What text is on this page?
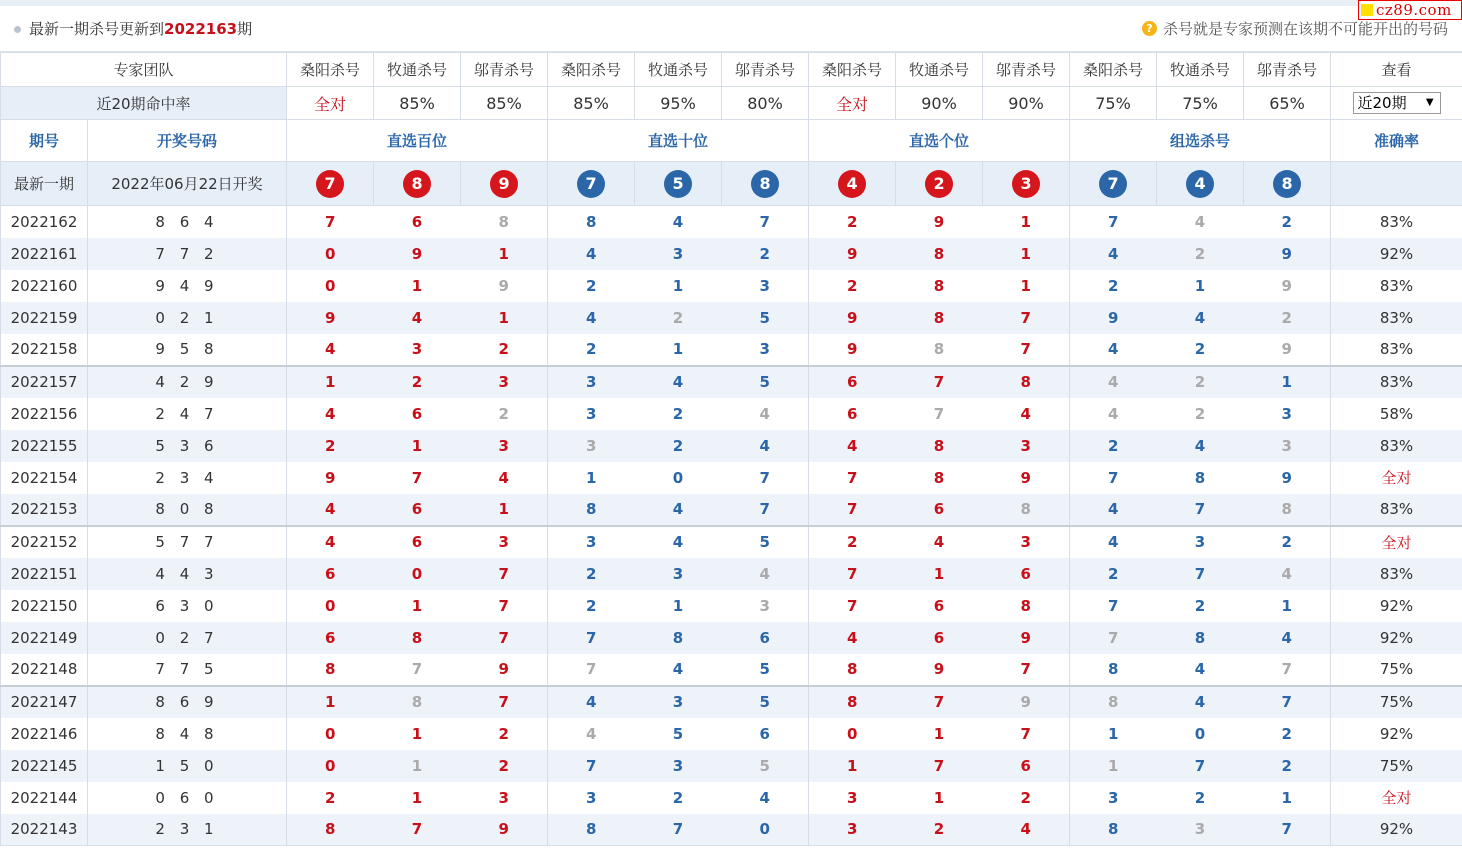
最新一期杀号更新到2022163期	? 杀号就是专家预测在该期不可能开出的号码
cz89.com
专家团队		桑阳杀号	牧通杀号	邬青杀号	桑阳杀号	牧通杀号	邬青杀号	桑阳杀号	牧通杀号	邬青杀号	桑阳杀号	牧通杀号	邬青杀号	查看
近20期命中率		全对	85%	85%	85%	95%	80%	全对	90%	90%	75%	75%	65%	近20期 ▼

期号	开奖号码	直选百位			直选十位			直选个位			组选杀号			准确率
最新一期	2022年06月22日开奖	7	8	9	7	5	8	4	2	3	7	4	8	
2022162	8 6 4	7	6	8	8	4	7	2	9	1	7	4	2	83%
2022161	7 7 2	0	9	1	4	3	2	9	8	1	4	2	9	92%
2022160	9 4 9	0	1	9	2	1	3	2	8	1	2	1	9	83%
2022159	0 2 1	9	4	1	4	2	5	9	8	7	9	4	2	83%
2022158	9 5 8	4	3	2	2	1	3	9	8	7	4	2	9	83%
2022157	4 2 9	1	2	3	3	4	5	6	7	8	4	2	1	83%
2022156	2 4 7	4	6	2	3	2	4	6	7	4	4	2	3	58%
2022155	5 3 6	2	1	3	3	2	4	4	8	3	2	4	3	83%
2022154	2 3 4	9	7	4	1	0	7	7	8	9	7	8	9	全对
2022153	8 0 8	4	6	1	8	4	7	7	6	8	4	7	8	83%
2022152	5 7 7	4	6	3	3	4	5	2	4	3	4	3	2	全对
2022151	4 4 3	6	0	7	2	3	4	7	1	6	2	7	4	83%
2022150	6 3 0	0	1	7	2	1	3	7	6	8	7	2	1	92%
2022149	0 2 7	6	8	7	7	8	6	4	6	9	7	8	4	92%
2022148	7 7 5	8	7	9	7	4	5	8	9	7	8	4	7	75%
2022147	8 6 9	1	8	7	4	3	5	8	7	9	8	4	7	75%
2022146	8 4 8	0	1	2	4	5	6	0	1	7	1	0	2	92%
2022145	1 5 0	0	1	2	7	3	5	1	7	6	1	7	2	75%
2022144	0 6 0	2	1	3	3	2	4	3	1	2	3	2	1	全对
2022143	2 3 1	8	7	9	8	7	0	3	2	4	8	3	7	92%
